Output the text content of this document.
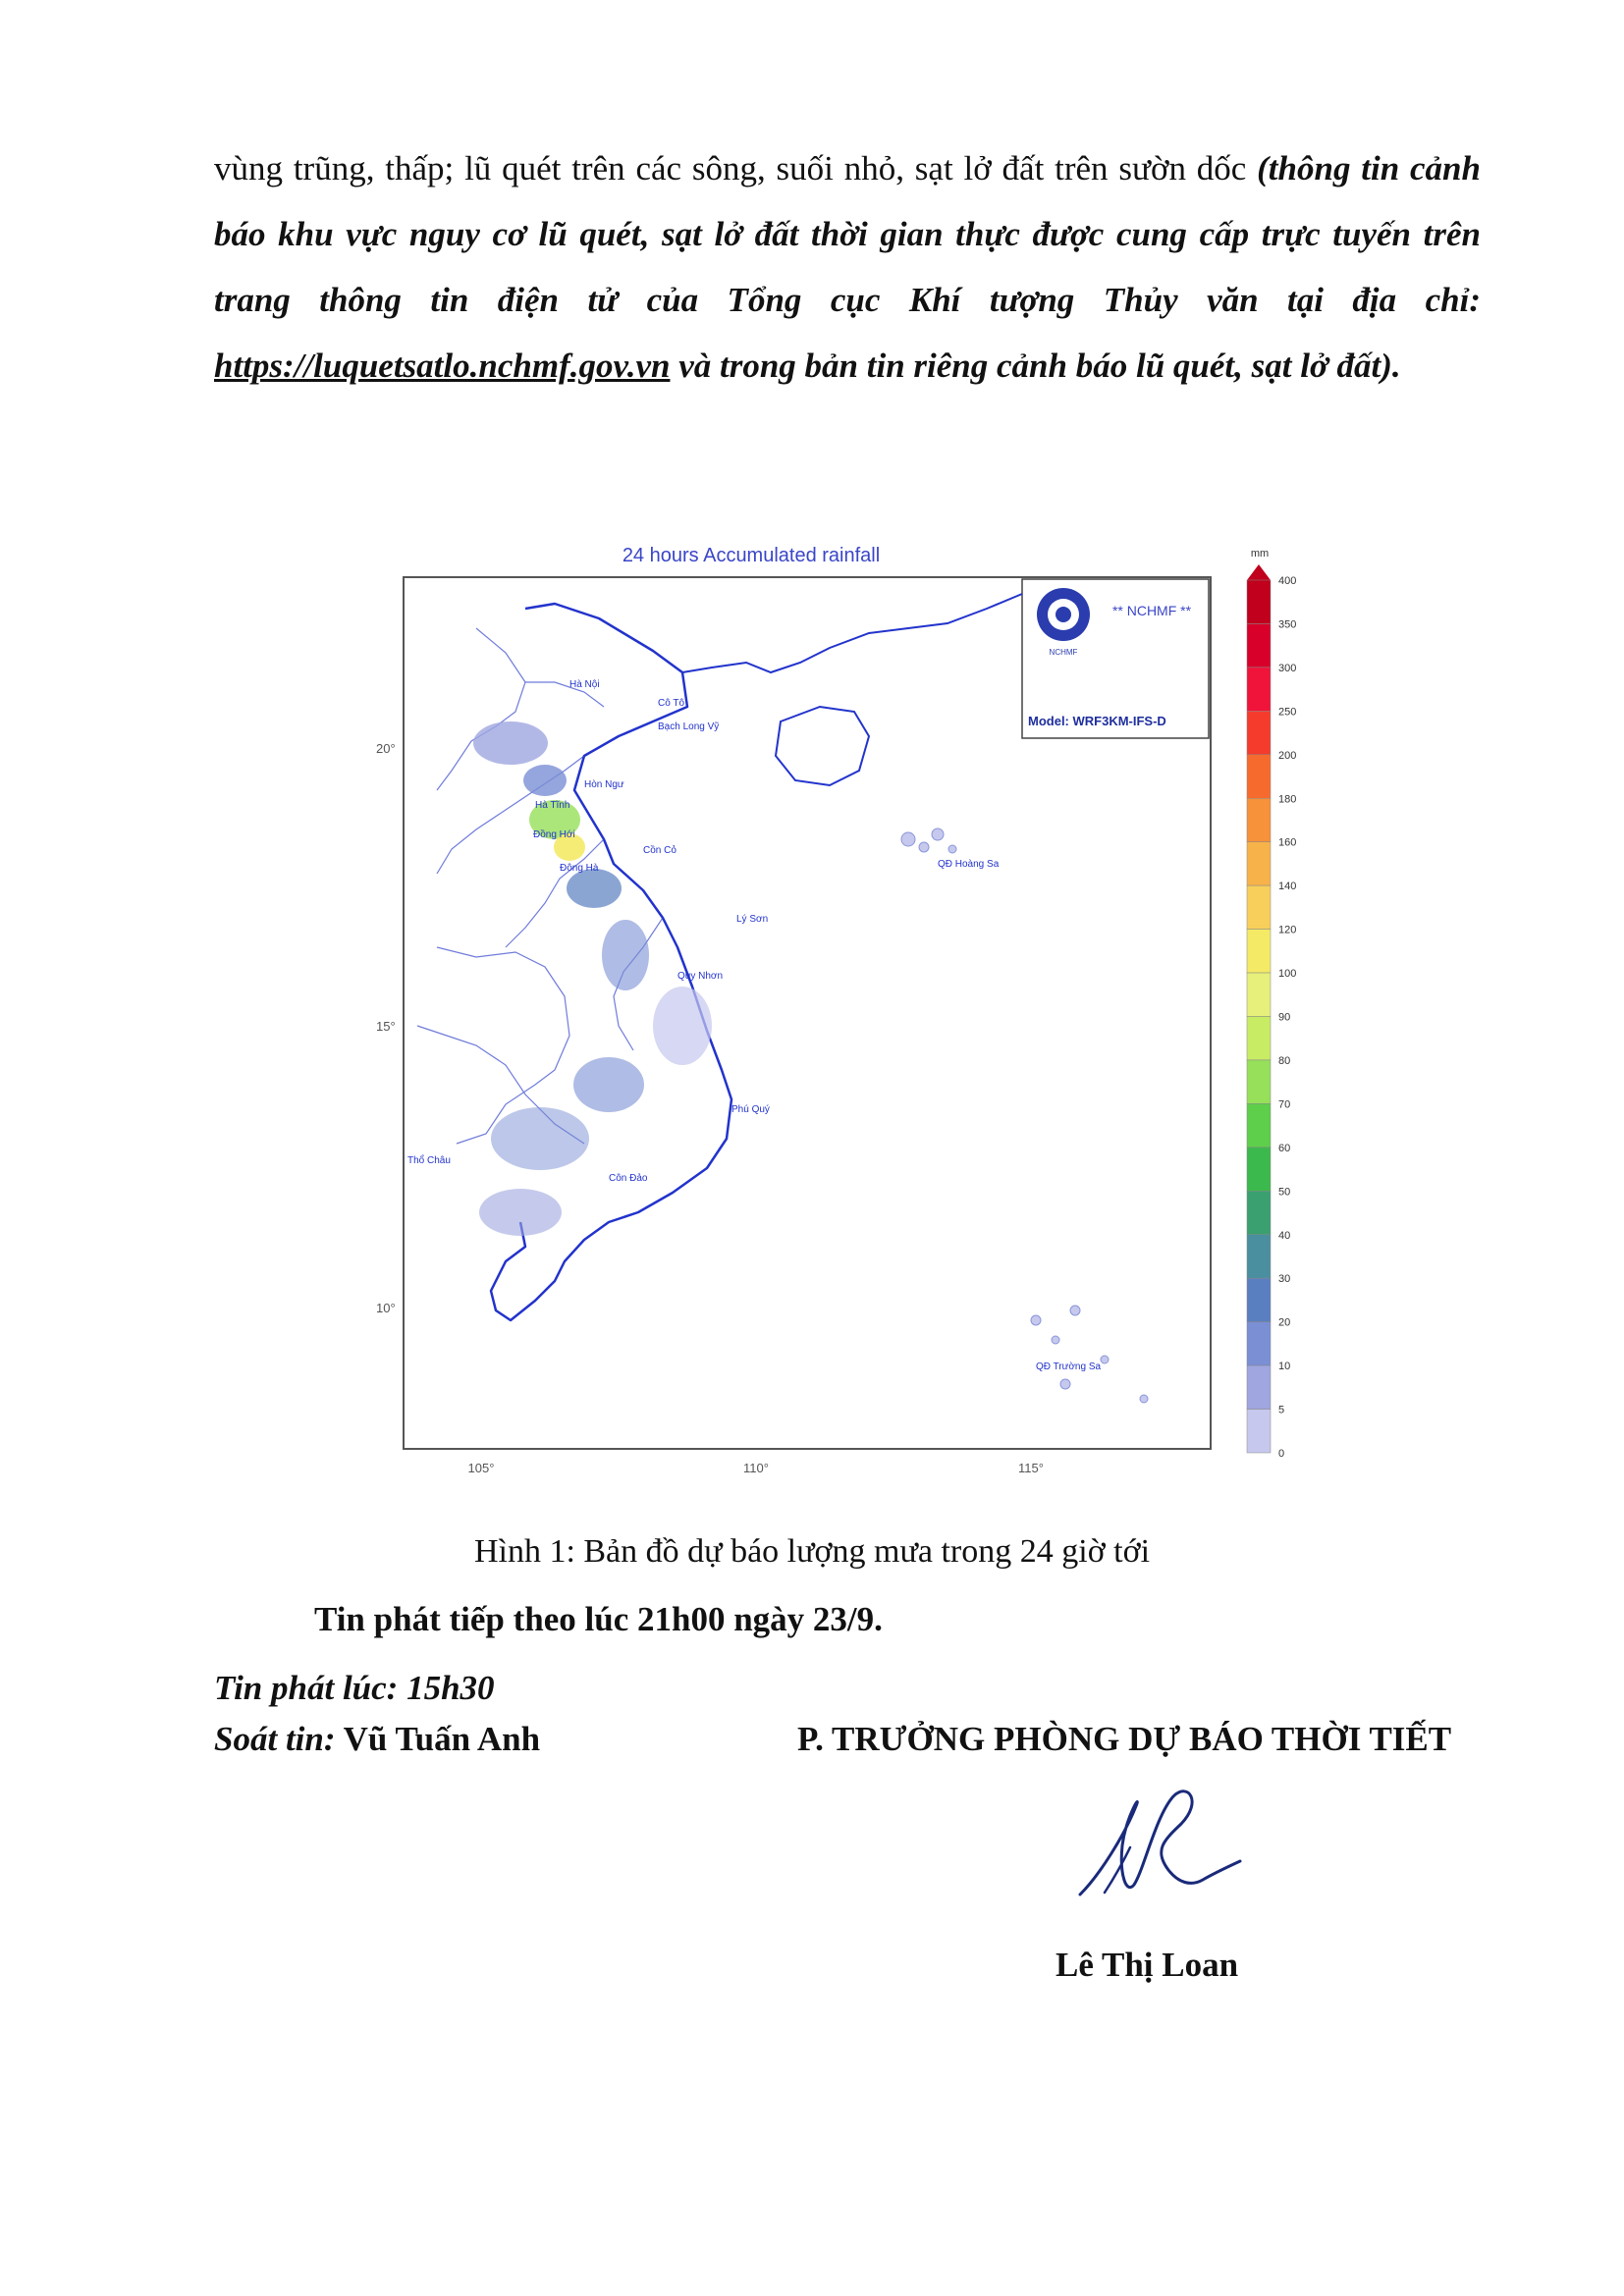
vùng trũng, thấp; lũ quét trên các sông, suối nhỏ, sạt lở đất trên sườn dốc (thông tin cảnh báo khu vực nguy cơ lũ quét, sạt lở đất thời gian thực được cung cấp trực tuyến trên trang thông tin điện tử của Tổng cục Khí tượng Thủy văn tại địa chỉ: https://luquetsatlo.nchmf.gov.vn và trong bản tin riêng cảnh báo lũ quét, sạt lở đất).
24 hours Accumulated rainfall
NCHMF
** NCHMF **
Model: WRF3KM-IFS-D
Hà Nội
Cô Tô
Bạch Long Vỹ
Hòn Ngư
Hà Tĩnh
Đồng Hới
Cồn Cỏ
Đông Hà
Lý Sơn
Quy Nhơn
Phú Quý
Thổ Châu
Côn Đảo
QĐ Hoàng Sa
QĐ Trường Sa
20°
15°
10°
105°	110°	115°
mm
400
350
300
250
200
180
160
140
120
100
90
80
70
60
50
40
30
20
10
5
0
Hình 1: Bản đồ dự báo lượng mưa trong 24 giờ tới
Tin phát tiếp theo lúc 21h00 ngày 23/9.
Tin phát lúc: 15h30
Soát tin: Vũ Tuấn Anh	P. TRƯỞNG PHÒNG DỰ BÁO THỜI TIẾT
Lê Thị Loan
